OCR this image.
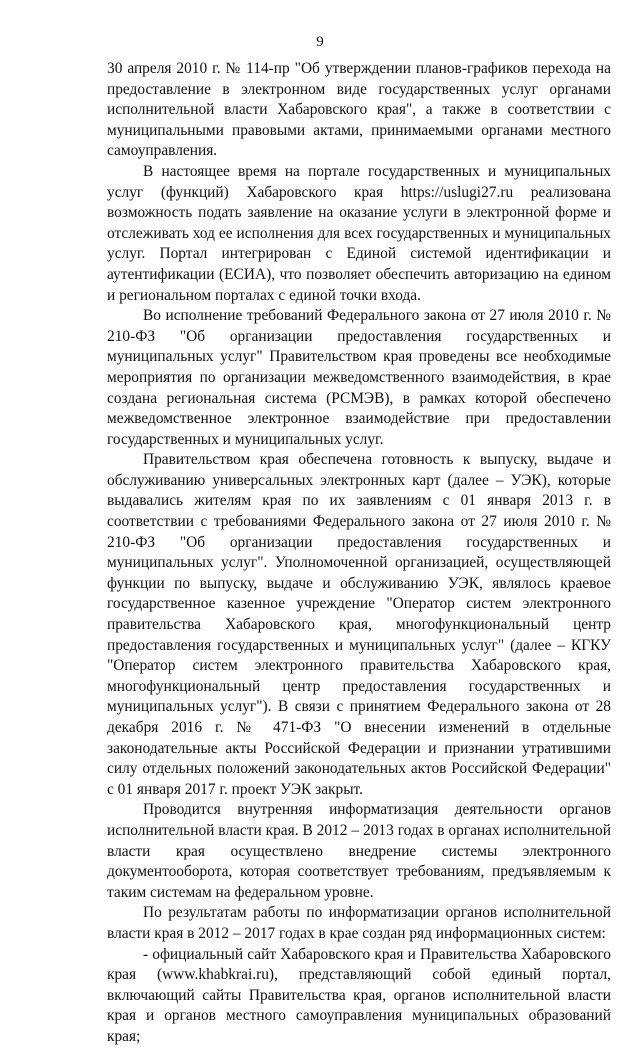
9

30 апреля 2010 г. № 114-пр "Об утверждении планов-графиков перехода на предоставление в электронном виде государственных услуг органами исполнительной власти Хабаровского края", а также в соответствии с муниципальными правовыми актами, принимаемыми органами местного самоуправления.

В настоящее время на портале государственных и муниципальных услуг (функций) Хабаровского края https://uslugi27.ru реализована возможность подать заявление на оказание услуги в электронной форме и отслеживать ход ее исполнения для всех государственных и муниципальных услуг. Портал интегрирован с Единой системой идентификации и аутентификации (ЕСИА), что позволяет обеспечить авторизацию на едином и региональном порталах с единой точки входа.

Во исполнение требований Федерального закона от 27 июля 2010 г. № 210-ФЗ "Об организации предоставления государственных и муниципальных услуг" Правительством края проведены все необходимые мероприятия по организации межведомственного взаимодействия, в крае создана региональная система (РСМЭВ), в рамках которой обеспечено межведомственное электронное взаимодействие при предоставлении государственных и муниципальных услуг.

Правительством края обеспечена готовность к выпуску, выдаче и обслуживанию универсальных электронных карт (далее – УЭК), которые выдавались жителям края по их заявлениям с 01 января 2013 г. в соответствии с требованиями Федерального закона от 27 июля 2010 г. № 210-ФЗ "Об организации предоставления государственных и муниципальных услуг". Уполномоченной организацией, осуществляющей функции по выпуску, выдаче и обслуживанию УЭК, являлось краевое государственное казенное учреждение "Оператор систем электронного правительства Хабаровского края, многофункциональный центр предоставления государственных и муниципальных услуг" (далее – КГКУ "Оператор систем электронного правительства Хабаровского края, многофункциональный центр предоставления государственных и муниципальных услуг"). В связи с принятием Федерального закона от 28 декабря 2016 г. № 471-ФЗ "О внесении изменений в отдельные законодательные акты Российской Федерации и признании утратившими силу отдельных положений законодательных актов Российской Федерации" с 01 января 2017 г. проект УЭК закрыт.

Проводится внутренняя информатизация деятельности органов исполнительной власти края. В 2012 – 2013 годах в органах исполнительной власти края осуществлено внедрение системы электронного документооборота, которая соответствует требованиям, предъявляемым к таким системам на федеральном уровне.

По результатам работы по информатизации органов исполнительной власти края в 2012 – 2017 годах в крае создан ряд информационных систем:

- официальный сайт Хабаровского края и Правительства Хабаровского края (www.khabkrai.ru), представляющий собой единый портал, включающий сайты Правительства края, органов исполнительной власти края и органов местного самоуправления муниципальных образований края;
